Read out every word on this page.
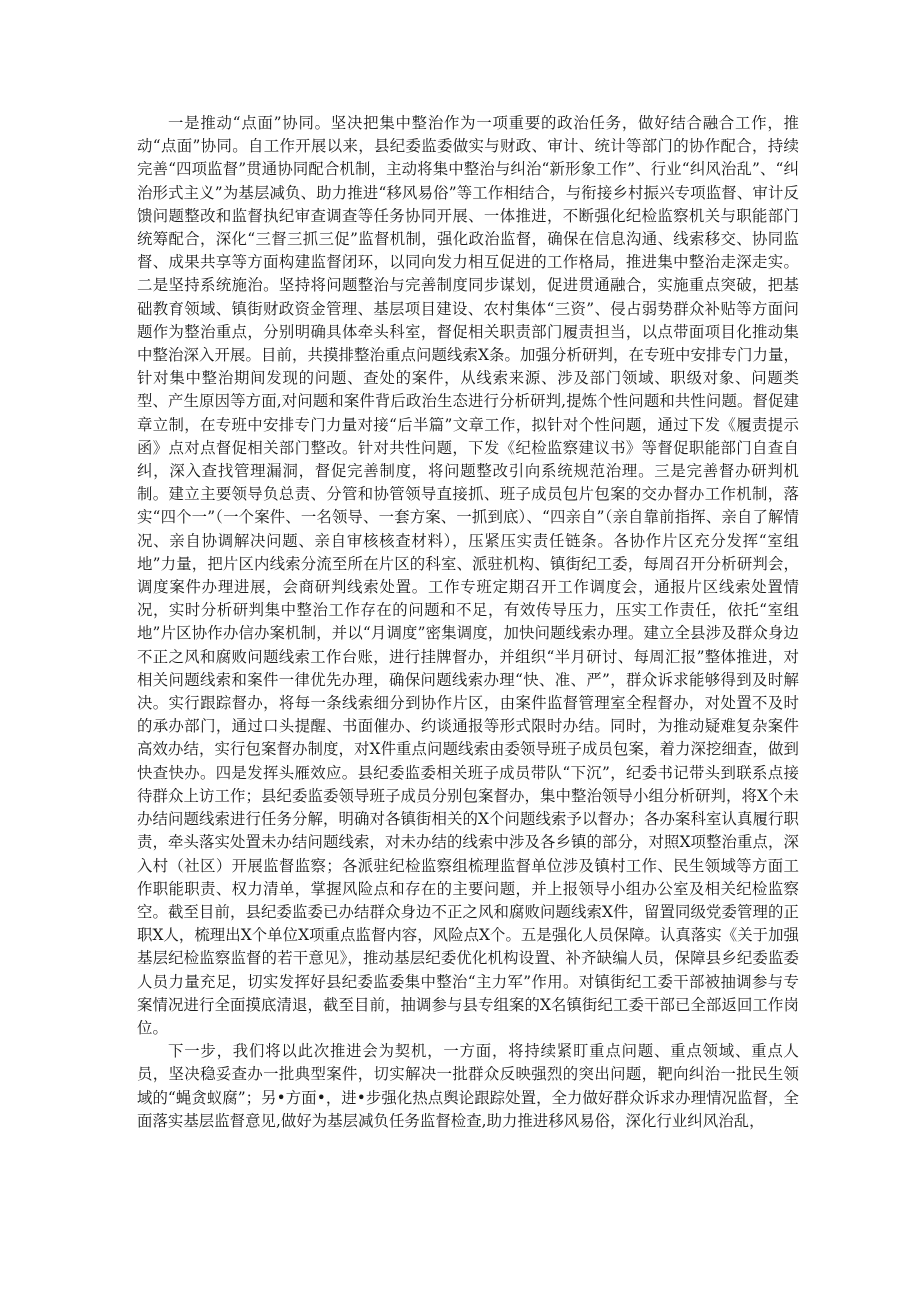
一是推动“点面”协同。坚决把集中整治作为一项重要的政治任务，做好结合融合工作，推动“点面”协同。自工作开展以来，县纪委监委做实与财政、审计、统计等部门的协作配合，持续完善“四项监督”贯通协同配合机制，主动将集中整治与纠治“新形象工作”、行业“纠风治乱”、“纠治形式主义”为基层减负、助力推进“移风易俗”等工作相结合，与衔接乡村振兴专项监督、审计反馈问题整改和监督执纪审查调查等任务协同开展、一体推进，不断强化纪检监察机关与职能部门统筹配合，深化“三督三抓三促”监督机制，强化政治监督，确保在信息沟通、线索移交、协同监督、成果共享等方面构建监督闭环，以同向发力相互促进的工作格局，推进集中整治走深走实。二是坚持系统施治。坚持将问题整治与完善制度同步谋划，促进贯通融合，实施重点突破，把基础教育领域、镇街财政资金管理、基层项目建设、农村集体“三资”、侵占弱势群众补贴等方面问题作为整治重点，分别明确具体牵头科室，督促相关职责部门履责担当，以点带面项目化推动集中整治深入开展。目前，共摸排整治重点问题线索X条。加强分析研判，在专班中安排专门力量，针对集中整治期间发现的问题、查处的案件，从线索来源、涉及部门领域、职级对象、问题类型、产生原因等方面,对问题和案件背后政治生态进行分析研判,提炼个性问题和共性问题。督促建章立制，在专班中安排专门力量对接“后半篇”文章工作，拟针对个性问题，通过下发《履责提示函》点对点督促相关部门整改。针对共性问题，下发《纪检监察建议书》等督促职能部门自查自纠，深入查找管理漏洞，督促完善制度，将问题整改引向系统规范治理。三是完善督办研判机制。建立主要领导负总责、分管和协管领导直接抓、班子成员包片包案的交办督办工作机制，落实“四个一”（一个案件、一名领导、一套方案、一抓到底）、“四亲自”（亲自靠前指挥、亲自了解情况、亲自协调解决问题、亲自审核核查材料），压紧压实责任链条。各协作片区充分发挥“室组地”力量，把片区内线索分流至所在片区的科室、派驻机构、镇街纪工委，每周召开分析研判会，调度案件办理进展，会商研判线索处置。工作专班定期召开工作调度会，通报片区线索处置情况，实时分析研判集中整治工作存在的问题和不足，有效传导压力，压实工作责任，依托“室组地”片区协作办信办案机制，并以“月调度”密集调度，加快问题线索办理。建立全县涉及群众身边不正之风和腐败问题线索工作台账，进行挂牌督办，并组织“半月研讨、每周汇报”整体推进，对相关问题线索和案件一律优先办理，确保问题线索办理“快、准、严”，群众诉求能够得到及时解决。实行跟踪督办，将每一条线索细分到协作片区，由案件监督管理室全程督办，对处置不及时的承办部门，通过口头提醒、书面催办、约谈通报等形式限时办结。同时，为推动疑难复杂案件高效办结，实行包案督办制度，对X件重点问题线索由委领导班子成员包案，着力深挖细查，做到快查快办。四是发挥头雁效应。县纪委监委相关班子成员带队“下沉”，纪委书记带头到联系点接待群众上访工作；县纪委监委领导班子成员分别包案督办，集中整治领导小组分析研判，将X个未办结问题线索进行任务分解，明确对各镇街相关的X个问题线索予以督办；各办案科室认真履行职责，牵头落实处置未办结问题线索，对未办结的线索中涉及各乡镇的部分，对照X项整治重点，深入村（社区）开展监督监察；各派驻纪检监察组梳理监督单位涉及镇村工作、民生领域等方面工作职能职责、权力清单，掌握风险点和存在的主要问题，并上报领导小组办公室及相关纪检监察空。截至目前，县纪委监委已办结群众身边不正之风和腐败问题线索X件，留置同级党委管理的正职X人，梳理出X个单位X项重点监督内容，风险点X个。五是强化人员保障。认真落实《关于加强基层纪检监察监督的若干意见》，推动基层纪委优化机构设置、补齐缺编人员，保障县乡纪委监委人员力量充足，切实发挥好县纪委监委集中整治“主力军”作用。对镇街纪工委干部被抽调参与专案情况进行全面摸底清退，截至目前，抽调参与县专组案的X名镇街纪工委干部已全部返回工作岗位。

下一步，我们将以此次推进会为契机，一方面，将持续紧盯重点问题、重点领域、重点人员，坚决稳妥查办一批典型案件，切实解决一批群众反映强烈的突出问题，靶向纠治一批民生领域的“蝇贪蚁腐”；另•方面•，进•步强化热点舆论跟踪处置，全力做好群众诉求办理情况监督，全面落实基层监督意见,做好为基层减负任务监督检查,助力推进移风易俗，深化行业纠风治乱，
